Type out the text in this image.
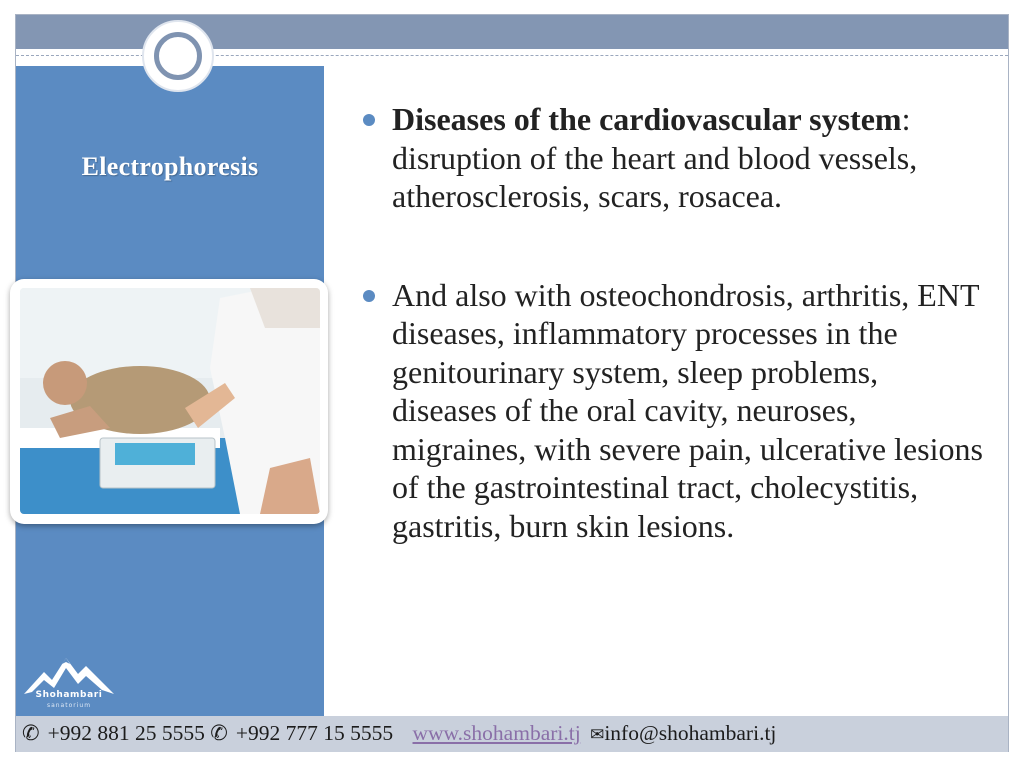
Electrophoresis
Shohambari
sanatorium

Diseases of the cardiovascular system: disruption of the heart and blood vessels, atherosclerosis, scars, rosacea.

And also with osteochondrosis, arthritis, ENT diseases, inflammatory processes in the genitourinary system, sleep problems, diseases of the oral cavity, neuroses, migraines, with severe pain, ulcerative lesions of the gastrointestinal tract, cholecystitis, gastritis, burn skin lesions.

✆ +992 881 25 5555 ✆ +992 777 15 5555 www.shohambari.tj ✉info@shohambari.tj
